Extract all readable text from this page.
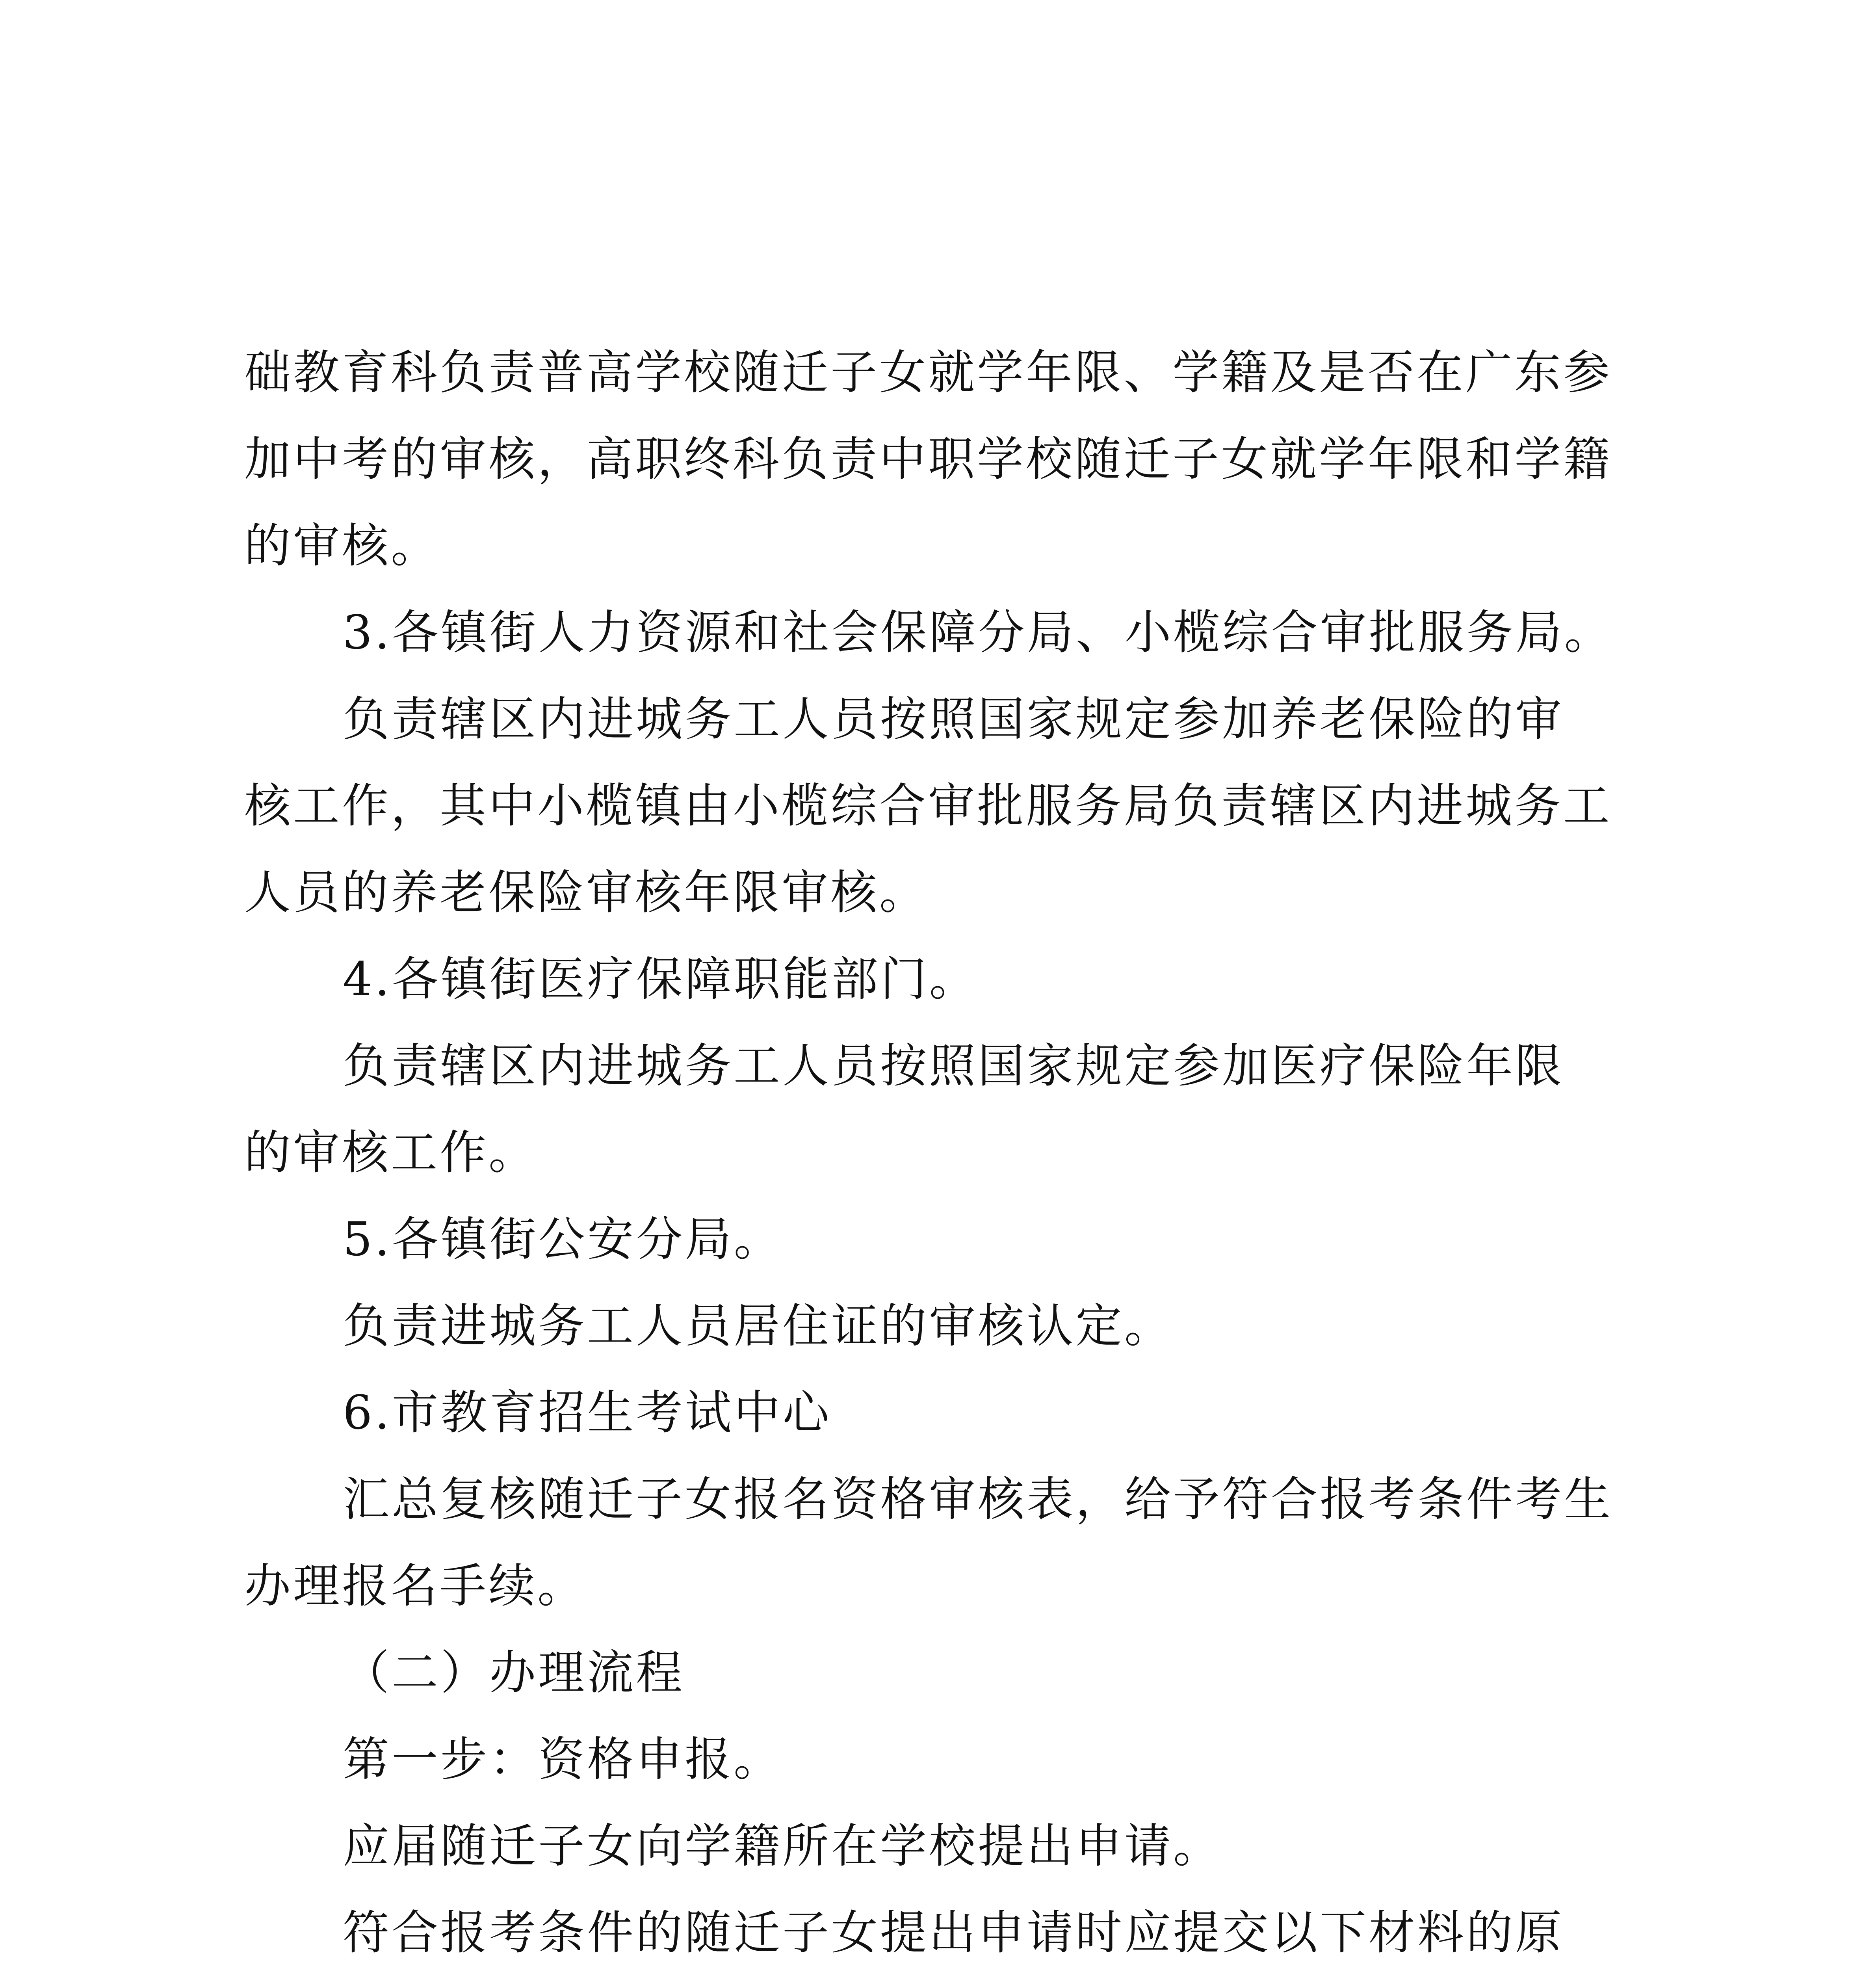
础教育科负责普高学校随迁子女就学年限、学籍及是否在广东参
加中考的审核，高职终科负责中职学校随迁子女就学年限和学籍
的审核。
3.各镇街人力资源和社会保障分局、小榄综合审批服务局。
负责辖区内进城务工人员按照国家规定参加养老保险的审
核工作，其中小榄镇由小榄综合审批服务局负责辖区内进城务工
人员的养老保险审核年限审核。
4.各镇街医疗保障职能部门。
负责辖区内进城务工人员按照国家规定参加医疗保险年限
的审核工作。
5.各镇街公安分局。
负责进城务工人员居住证的审核认定。
6.市教育招生考试中心
汇总复核随迁子女报名资格审核表，给予符合报考条件考生
办理报名手续。
（二）办理流程
第一步：资格申报。
应届随迁子女向学籍所在学校提出申请。
符合报考条件的随迁子女提出申请时应提交以下材料的原
